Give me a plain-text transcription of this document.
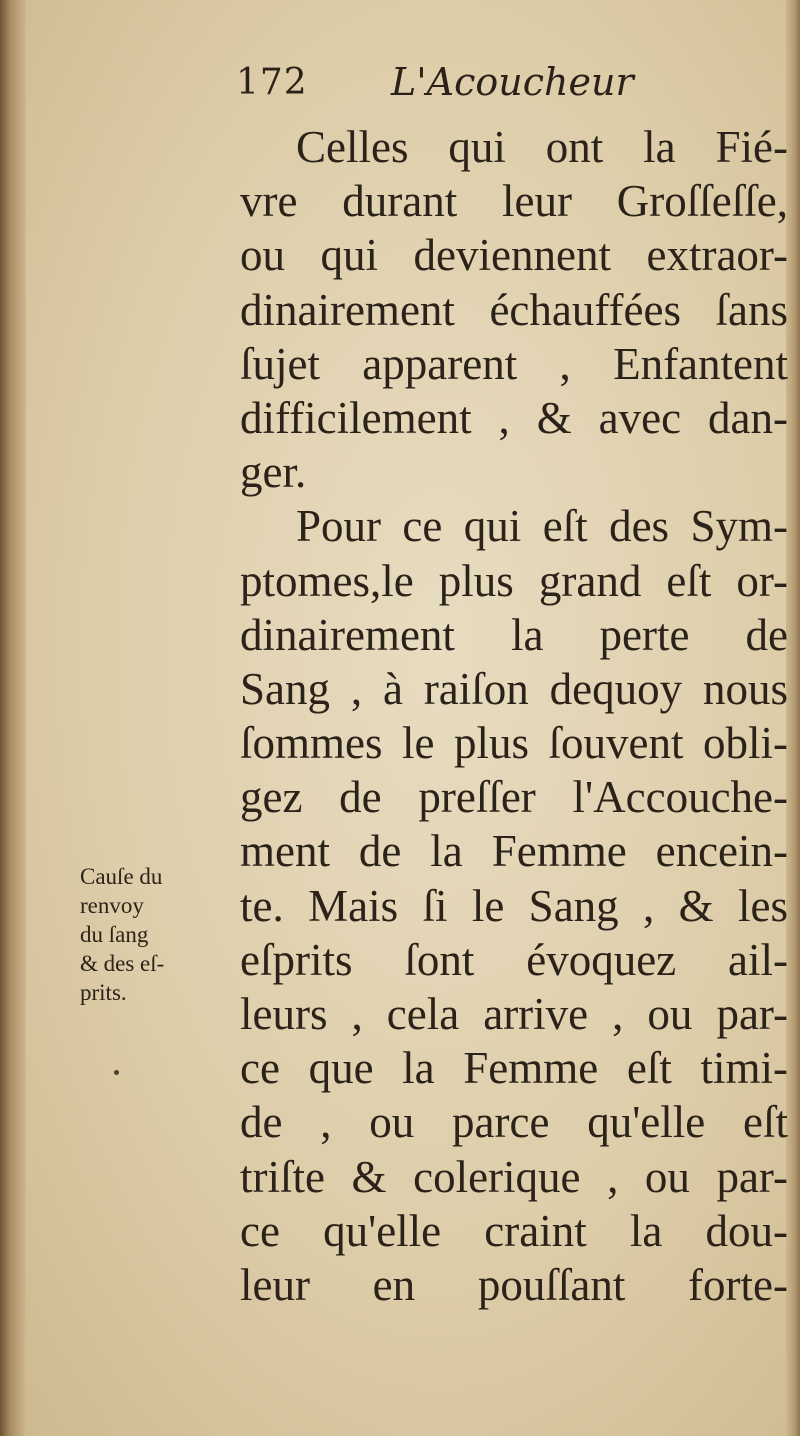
172 L'Acoucheur
Celles qui ont la Fié-
vre durant leur Groſſeſſe,
ou qui deviennent extraor-
dinairement échauffées ſans
ſujet apparent , Enfantent
difficilement , & avec dan-
ger.
Pour ce qui eſt des Sym-
ptomes,le plus grand eſt or-
dinairement la perte de
Sang , à raiſon dequoy nous
ſommes le plus ſouvent obli-
gez de preſſer l'Accouche-
ment de la Femme encein-
te. Mais ſi le Sang , & les
eſprits ſont évoquez ail-
leurs , cela arrive , ou par-
ce que la Femme eſt timi-
de , ou parce qu'elle eſt
triſte & colerique , ou par-
ce qu'elle craint la dou-
leur en pouſſant forte-
Cauſe du
renvoy
du ſang
& des eſ-
prits.
